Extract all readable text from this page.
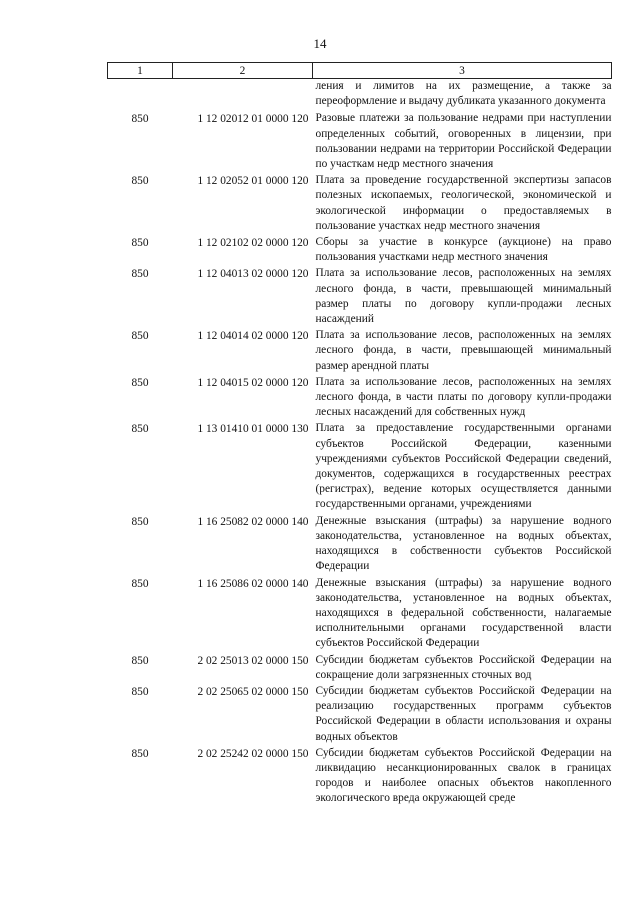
14
1	2	3
		ления и лимитов на их размещение, а также за переоформление и выдачу дубликата указанного документа
850	1 12 02012 01 0000 120	Разовые платежи за пользование недрами при наступлении определенных событий, оговоренных в лицензии, при пользовании недрами на территории Российской Федерации по участкам недр местного значения
850	1 12 02052 01 0000 120	Плата за проведение государственной экспертизы запасов полезных ископаемых, геологической, экономической и экологической информации о предоставляемых в пользование участках недр местного значения
850	1 12 02102 02 0000 120	Сборы за участие в конкурсе (аукционе) на право пользования участками недр местного значения
850	1 12 04013 02 0000 120	Плата за использование лесов, расположенных на землях лесного фонда, в части, превышающей минимальный размер платы по договору купли-продажи лесных насаждений
850	1 12 04014 02 0000 120	Плата за использование лесов, расположенных на землях лесного фонда, в части, превышающей минимальный размер арендной платы
850	1 12 04015 02 0000 120	Плата за использование лесов, расположенных на землях лесного фонда, в части платы по договору купли-продажи лесных насаждений для собственных нужд
850	1 13 01410 01 0000 130	Плата за предоставление государственными органами субъектов Российской Федерации, казенными учреждениями субъектов Российской Федерации сведений, документов, содержащихся в государственных реестрах (регистрах), ведение которых осуществляется данными государственными органами, учреждениями
850	1 16 25082 02 0000 140	Денежные взыскания (штрафы) за нарушение водного законодательства, установленное на водных объектах, находящихся в собственности субъектов Российской Федерации
850	1 16 25086 02 0000 140	Денежные взыскания (штрафы) за нарушение водного законодательства, установленное на водных объектах, находящихся в федеральной собственности, налагаемые исполнительными органами государственной власти субъектов Российской Федерации
850	2 02 25013 02 0000 150	Субсидии бюджетам субъектов Российской Федерации на сокращение доли загрязненных сточных вод
850	2 02 25065 02 0000 150	Субсидии бюджетам субъектов Российской Федерации на реализацию государственных программ субъектов Российской Федерации в области использования и охраны водных объектов
850	2 02 25242 02 0000 150	Субсидии бюджетам субъектов Российской Федерации на ликвидацию несанкционированных свалок в границах городов и наиболее опасных объектов накопленного экологического вреда окружающей среде
